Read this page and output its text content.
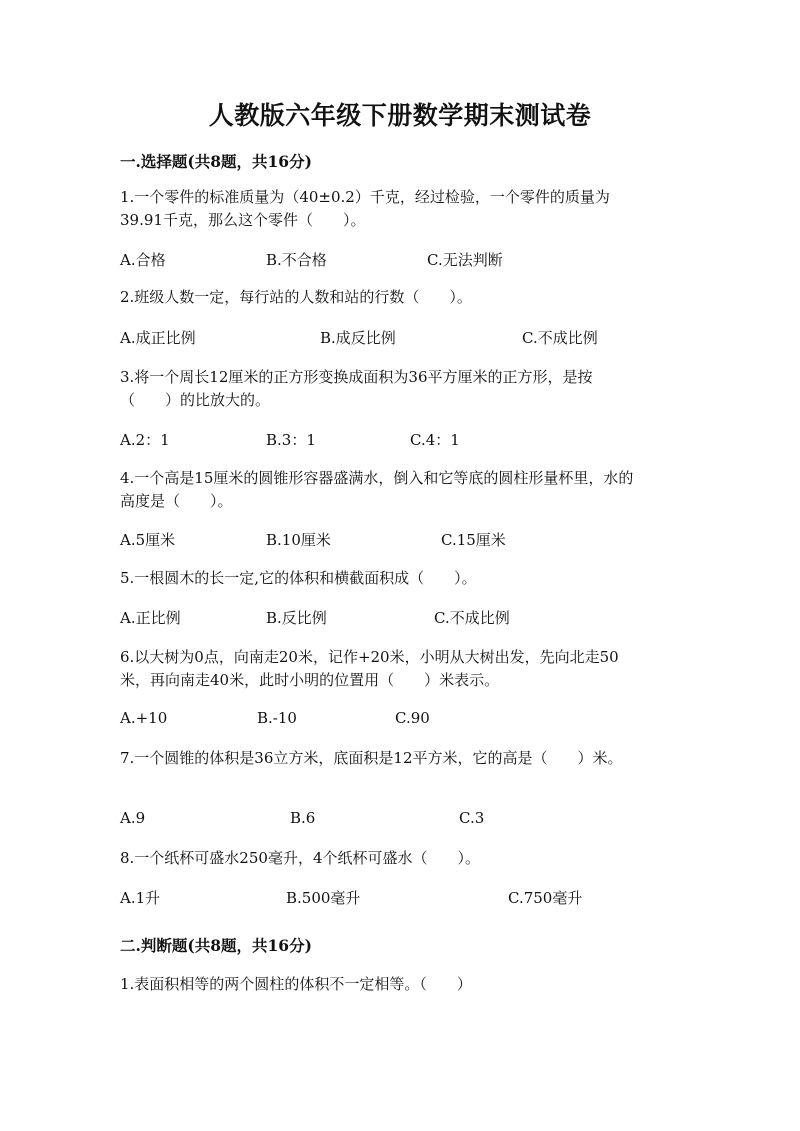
人教版六年级下册数学期末测试卷
一.选择题(共8题，共16分)
1.一个零件的标准质量为（40±0.2）千克，经过检验，一个零件的质量为
39.91千克，那么这个零件（　　）。
A.合格	B.不合格	C.无法判断
2.班级人数一定，每行站的人数和站的行数（　　）。
A.成正比例	B.成反比例	C.不成比例
3.将一个周长12厘米的正方形变换成面积为36平方厘米的正方形，是按
（　　）的比放大的。
A.2：1	B.3：1	C.4：1
4.一个高是15厘米的圆锥形容器盛满水，倒入和它等底的圆柱形量杯里，水的
高度是（　　）。
A.5厘米	B.10厘米	C.15厘米
5.一根圆木的长一定,它的体积和横截面积成（　　）。
A.正比例	B.反比例	C.不成比例
6.以大树为0点，向南走20米，记作+20米，小明从大树出发，先向北走50
米，再向南走40米，此时小明的位置用（　　）米表示。
A.+10	B.-10	C.90
7.一个圆锥的体积是36立方米，底面积是12平方米，它的高是（　　）米。
A.9	B.6	C.3
8.一个纸杯可盛水250毫升，4个纸杯可盛水（　　）。
A.1升	B.500毫升	C.750毫升
二.判断题(共8题，共16分)
1.表面积相等的两个圆柱的体积不一定相等。（　　）
